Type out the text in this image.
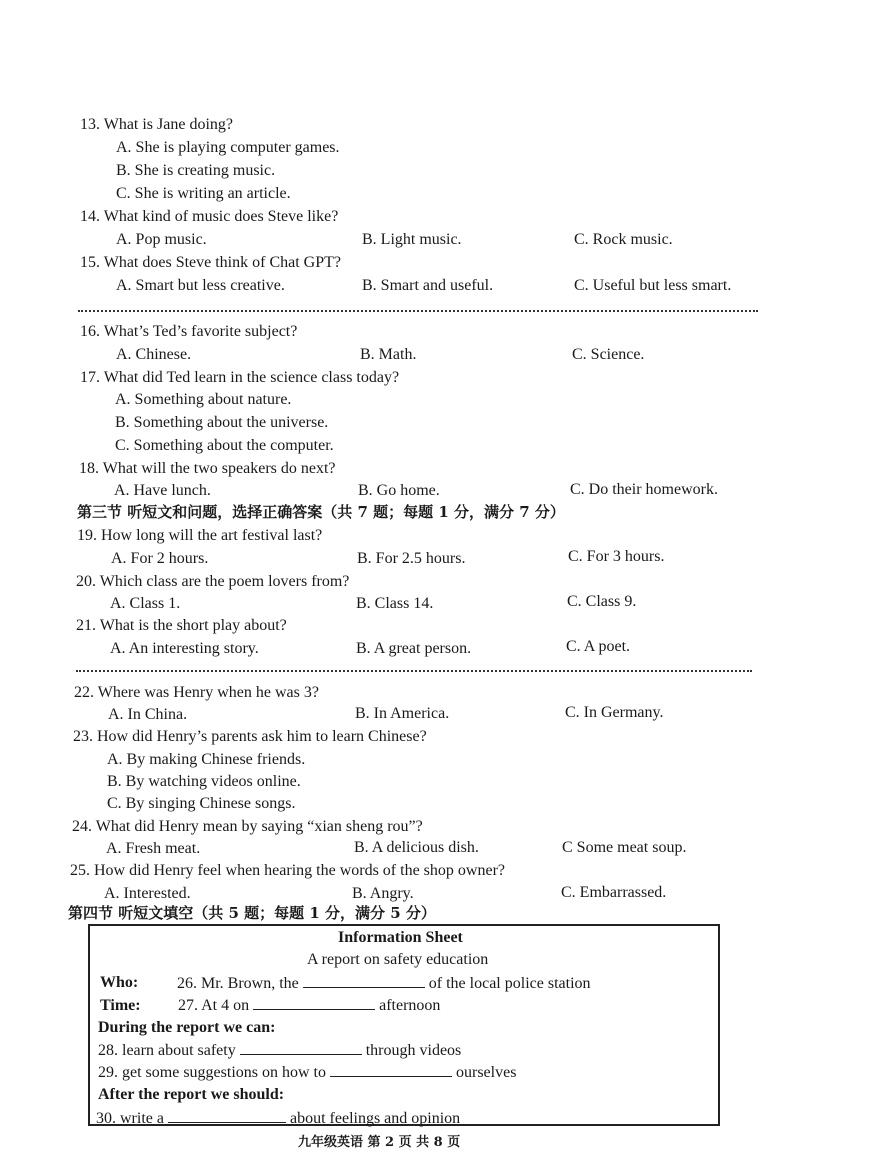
13. What is Jane doing?
A. She is playing computer games.
B. She is creating music.
C. She is writing an article.
14. What kind of music does Steve like?
A. Pop music.	B. Light music.	C. Rock music.
15. What does Steve think of Chat GPT?
A. Smart but less creative.	B. Smart and useful.	C. Useful but less smart.
16. What’s Ted’s favorite subject?
A. Chinese.	B. Math.	C. Science.
17. What did Ted learn in the science class today?
A. Something about nature.
B. Something about the universe.
C. Something about the computer.
18. What will the two speakers do next?
A. Have lunch.	B. Go home.	C. Do their homework.
第三节 听短文和问题，选择正确答案（共 7 题；每题 1 分，满分 7 分）
19. How long will the art festival last?
A. For 2 hours.	B. For 2.5 hours.	C. For 3 hours.
20. Which class are the poem lovers from?
A. Class 1.	B. Class 14.	C. Class 9.
21. What is the short play about?
A. An interesting story.	B. A great person.	C. A poet.
22. Where was Henry when he was 3?
A. In China.	B. In America.	C. In Germany.
23. How did Henry’s parents ask him to learn Chinese?
A. By making Chinese friends.
B. By watching videos online.
C. By singing Chinese songs.
24. What did Henry mean by saying “xian sheng rou”?
A. Fresh meat.	B. A delicious dish.	C Some meat soup.
25. How did Henry feel when hearing the words of the shop owner?
A. Interested.	B. Angry.	C. Embarrassed.
第四节 听短文填空（共 5 题；每题 1 分，满分 5 分）
Information Sheet
A report on safety education
Who: 26. Mr. Brown, the	of the local police station
Time: 27. At 4 on	afternoon
During the report we can:
28. learn about safety	through videos
29. get some suggestions on how to	ourselves
After the report we should:
30. write a	about feelings and opinion
九年级英语 第 2 页 共 8 页
